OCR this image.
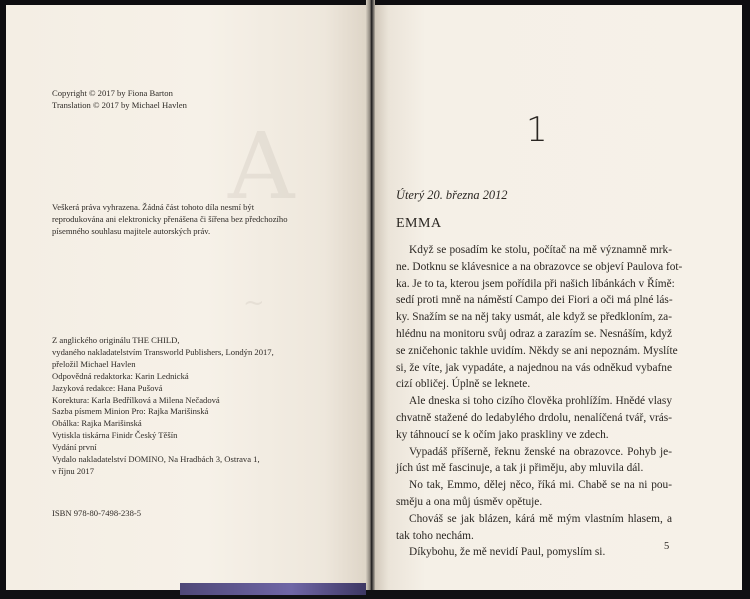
A
~
Copyright © 2017 by Fiona Barton
Translation © 2017 by Michael Havlen
Veškerá práva vyhrazena. Žádná část tohoto díla nesmí být
reprodukována ani elektronicky přenášena či šířena bez předchozího
písemného souhlasu majitele autorských práv.
Z anglického originálu THE CHILD,
vydaného nakladatelstvím Transworld Publishers, Londýn 2017,
přeložil Michael Havlen
Odpovědná redaktorka: Karin Lednická
Jazyková redakce: Hana Pušová
Korektura: Karla Bedřílková a Milena Nečadová
Sazba písmem Minion Pro: Rajka Marišinská
Obálka: Rajka Marišinská
Vytiskla tiskárna Finidr Český Těšín
Vydání první
Vydalo nakladatelství DOMINO, Na Hradbách 3, Ostrava 1,
v říjnu 2017
ISBN 978-80-7498-238-5
1
Úterý 20. března 2012
EMMA

Když se posadím ke stolu, počítač na mě významně mrk-
ne. Dotknu se klávesnice a na obrazovce se objeví Paulova fot-
ka. Je to ta, kterou jsem pořídila při našich líbánkách v Římě:
sedí proti mně na náměstí Campo dei Fiori a oči má plné lás-
ky. Snažím se na něj taky usmát, ale když se předkloním, za-
hlédnu na monitoru svůj odraz a zarazím se. Nesnáším, když
se zničehonic takhle uvidím. Někdy se ani nepoznám. Myslíte
si, že víte, jak vypadáte, a najednou na vás odněkud vybafne
cizí obličej. Úplně se leknete.

Ale dneska si toho cizího člověka prohlížím. Hnědé vlasy
chvatně stažené do ledabylého drdolu, nenalíčená tvář, vrás-
ky táhnoucí se k očím jako praskliny ve zdech.

Vypadáš příšerně, řeknu ženské na obrazovce. Pohyb je-
jích úst mě fascinuje, a tak ji přiměju, aby mluvila dál.

No tak, Emmo, dělej něco, říká mi. Chabě se na ni pou-
směju a ona můj úsměv opětuje.

Chováš se jak blázen, kárá mě mým vlastním hlasem, a
tak toho nechám.

Díkybohu, že mě nevidí Paul, pomyslím si.	5
